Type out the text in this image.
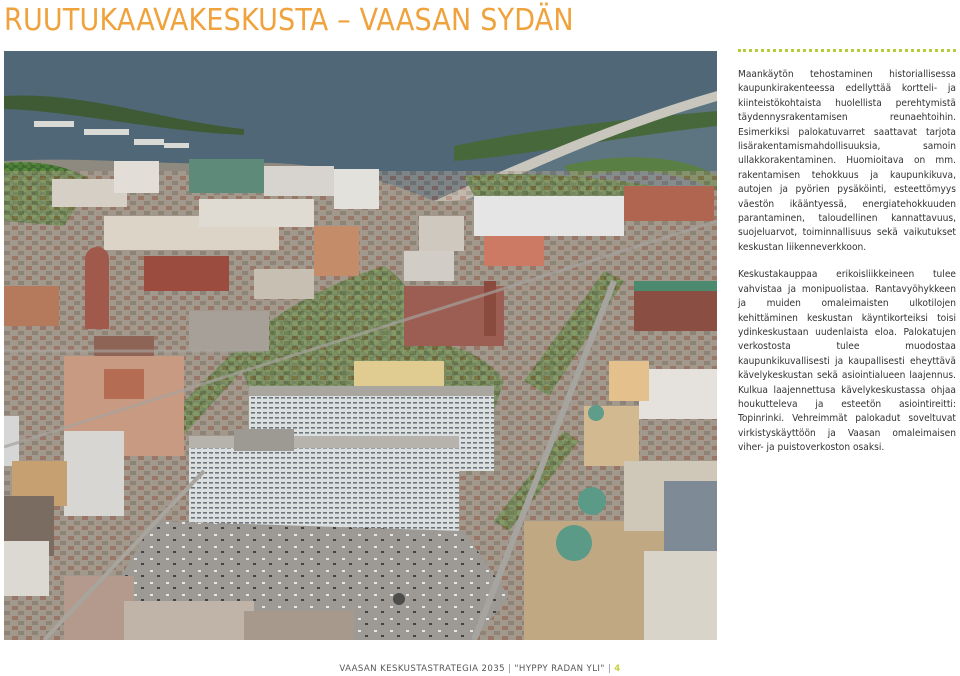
RUUTUKAAVAKESKUSTA – VAASAN SYDÄN

Maankäytön tehostaminen historiallisessa kaupunkirakenteessa edellyttää kortteli- ja kiinteistökohtaista huolellista perehtymistä täydennysrakentamisen reunaehtoihin. Esimerkiksi palokatuvarret saattavat tarjota lisärakentamismahdollisuuksia, samoin ullakkorakentaminen. Huomioitava on mm. rakentamisen tehokkuus ja kaupunkikuva, autojen ja pyörien pysäköinti, esteettömyys väestön ikääntyessä, energiatehokkuuden parantaminen, taloudellinen kannattavuus, suojeluarvot, toiminnallisuus sekä vaikutukset keskustan liikenneverkkoon.

Keskustakauppaa erikoisliikkeineen tulee vahvistaa ja monipuolistaa. Rantavyöhykkeen ja muiden omaleimaisten ulkotilojen kehittäminen keskustan käyntikorteiksi toisi ydinkeskustaan uudenlaista eloa. Palokatujen verkostosta tulee muodostaa kaupunkikuvallisesti ja kaupallisesti eheyttävä kävelykeskustan sekä asiointialueen laajennus. Kulkua laajennettusa kävelykeskustassa ohjaa houkutteleva ja esteetön asiointireitti: Topinrinki. Vehreimmät palokadut soveltuvat virkistyskäyttöön ja Vaasan omaleimaisen viher- ja puistoverkoston osaksi.

VAASAN KESKUSTASTRATEGIA 2035 | "HYPPY RADAN YLI" | 4
